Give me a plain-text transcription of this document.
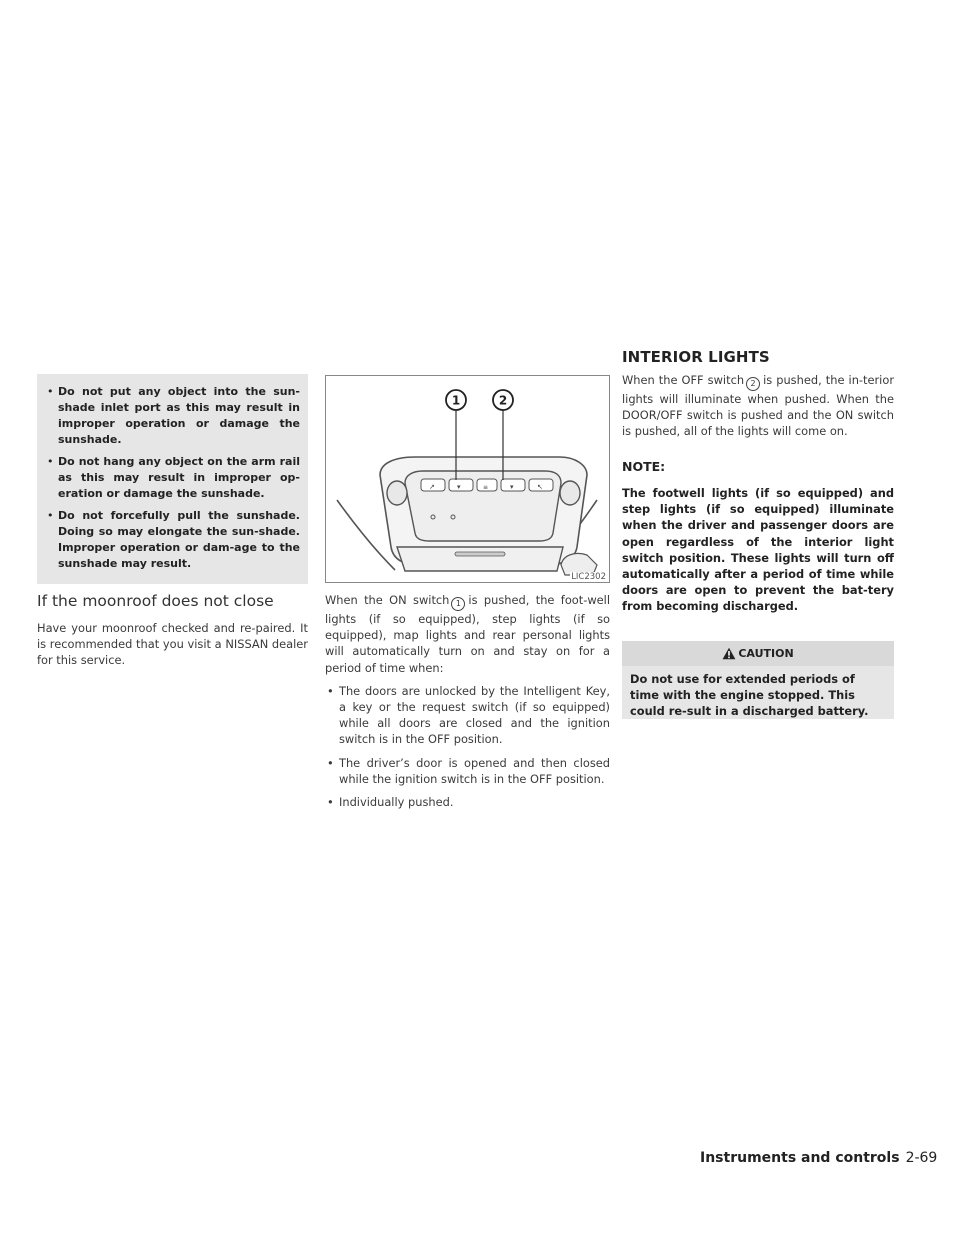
INTERIOR LIGHTS
• Do not put any object into the sun-shade inlet port as this may result in improper operation or damage the sunshade.
• Do not hang any object on the arm rail as this may result in improper op-eration or damage the sunshade.
• Do not forcefully pull the sunshade. Doing so may elongate the sun-shade. Improper operation or dam-age to the sunshade may result.
If the moonroof does not close
Have your moonroof checked and re-paired. It is recommended that you visit a NISSAN dealer for this service.
↗	▾	≡	▾	↖
1	2
LIC2302
When the ON switch 1 is pushed, the foot-well lights (if so equipped), step lights (if so equipped), map lights and rear personal lights will automatically turn on and stay on for a period of time when:
• The doors are unlocked by the Intelligent Key, a key or the request switch (if so equipped) while all doors are closed and the ignition switch is in the OFF position.
• The driver’s door is opened and then closed while the ignition switch is in the OFF position.
• Individually pushed.
When the OFF switch 2 is pushed, the in-terior lights will illuminate when pushed. When the DOOR/OFF switch is pushed and the ON switch is pushed, all of the lights will come on.
NOTE:
The footwell lights (if so equipped) and step lights (if so equipped) illuminate when the driver and passenger doors are open regardless of the interior light switch position. These lights will turn off automatically after a period of time while doors are open to prevent the bat-tery from becoming discharged.
CAUTION
Do not use for extended periods of time with the engine stopped. This could re-sult in a discharged battery.
Instruments and controls 2-69
